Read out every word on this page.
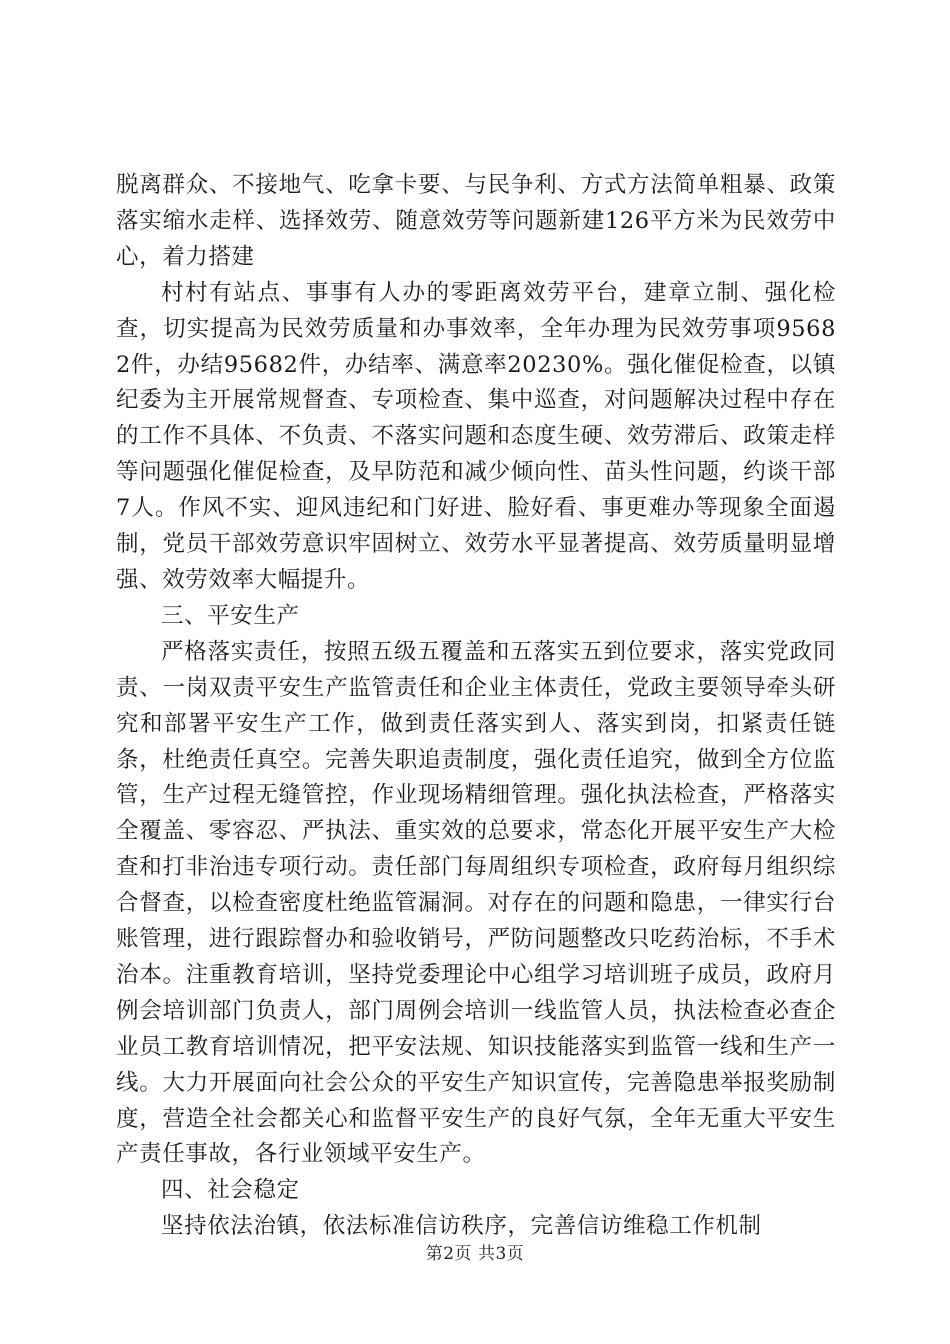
脱离群众、不接地气、吃拿卡要、与民争利、方式方法简单粗暴、政策落实缩水走样、选择效劳、随意效劳等问题新建126平方米为民效劳中心，着力搭建

村村有站点、事事有人办的零距离效劳平台，建章立制、强化检查，切实提高为民效劳质量和办事效率，全年办理为民效劳事项95682件，办结95682件，办结率、满意率20230%。强化催促检查，以镇纪委为主开展常规督查、专项检查、集中巡查，对问题解决过程中存在的工作不具体、不负责、不落实问题和态度生硬、效劳滞后、政策走样等问题强化催促检查，及早防范和减少倾向性、苗头性问题，约谈干部7人。作风不实、迎风违纪和门好进、脸好看、事更难办等现象全面遏制，党员干部效劳意识牢固树立、效劳水平显著提高、效劳质量明显增强、效劳效率大幅提升。

三、平安生产

严格落实责任，按照五级五覆盖和五落实五到位要求，落实党政同责、一岗双责平安生产监管责任和企业主体责任，党政主要领导牵头研究和部署平安生产工作，做到责任落实到人、落实到岗，扣紧责任链条，杜绝责任真空。完善失职追责制度，强化责任追究，做到全方位监管，生产过程无缝管控，作业现场精细管理。强化执法检查，严格落实全覆盖、零容忍、严执法、重实效的总要求，常态化开展平安生产大检查和打非治违专项行动。责任部门每周组织专项检查，政府每月组织综合督查，以检查密度杜绝监管漏洞。对存在的问题和隐患，一律实行台账管理，进行跟踪督办和验收销号，严防问题整改只吃药治标，不手术治本。注重教育培训，坚持党委理论中心组学习培训班子成员，政府月例会培训部门负责人，部门周例会培训一线监管人员，执法检查必查企业员工教育培训情况，把平安法规、知识技能落实到监管一线和生产一线。大力开展面向社会公众的平安生产知识宣传，完善隐患举报奖励制度，营造全社会都关心和监督平安生产的良好气氛，全年无重大平安生产责任事故，各行业领域平安生产。

四、社会稳定

坚持依法治镇，依法标准信访秩序，完善信访维稳工作机制

第2页 共3页
